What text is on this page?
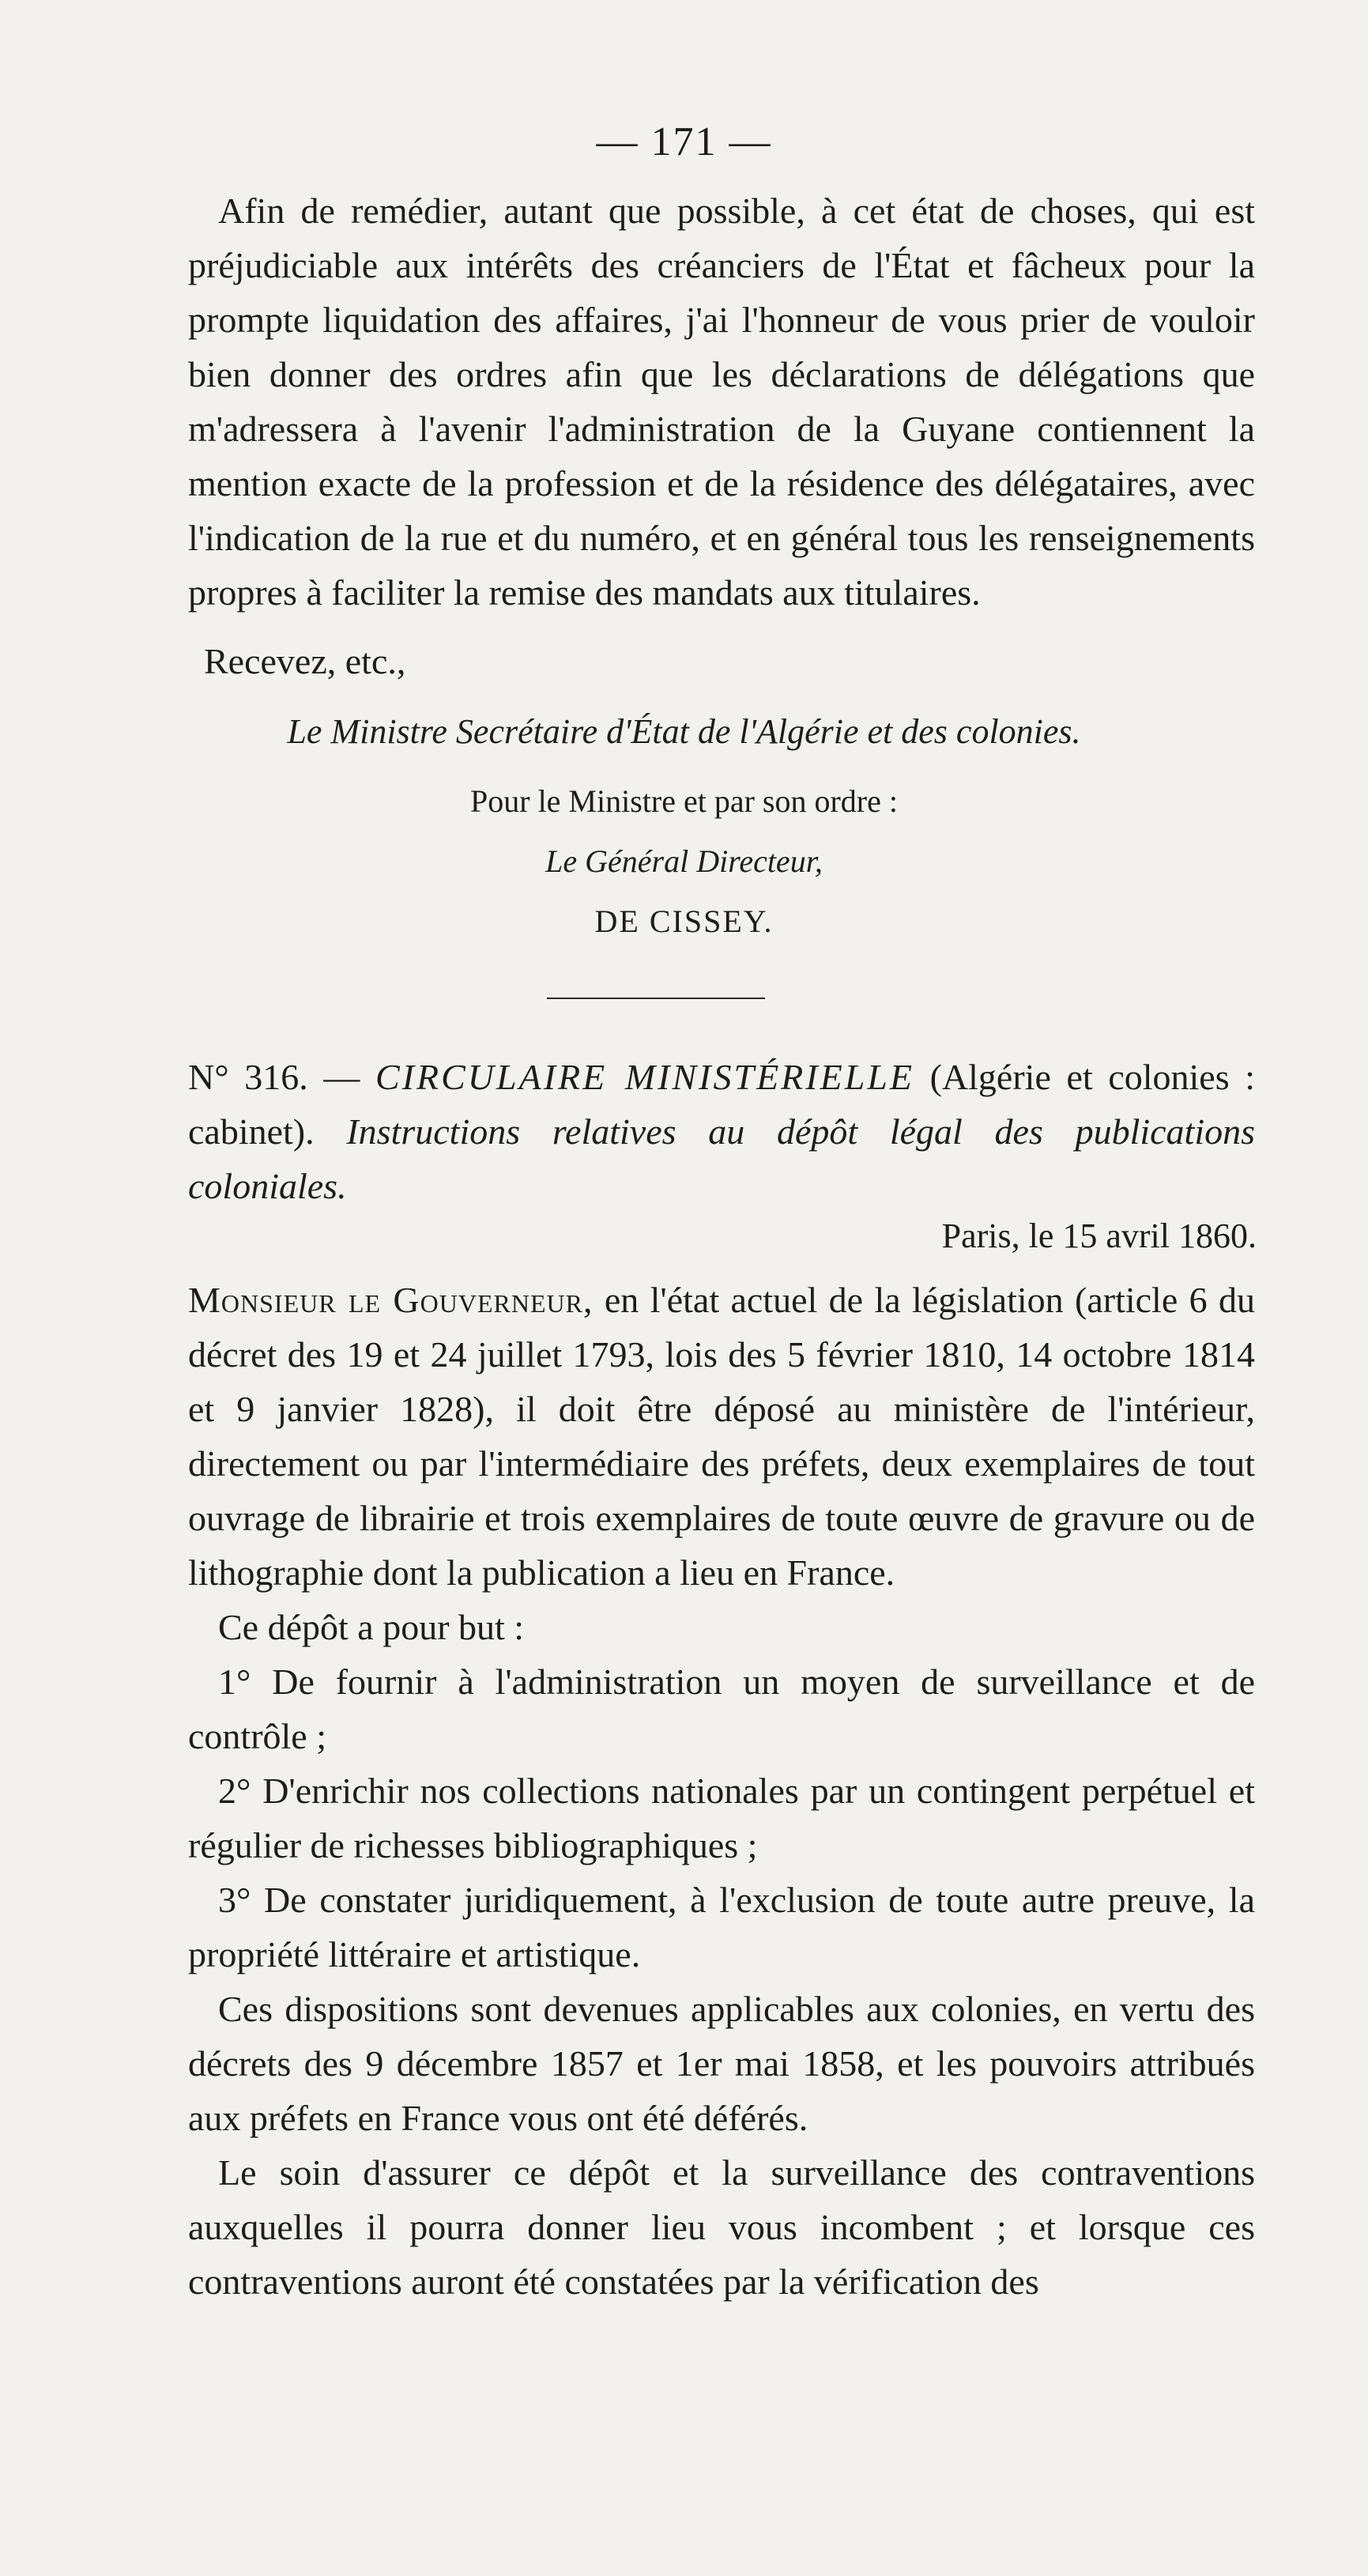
— 171 —

Afin de remédier, autant que possible, à cet état de choses, qui est préjudiciable aux intérêts des créanciers de l'État et fâcheux pour la prompte liquidation des affaires, j'ai l'honneur de vous prier de vouloir bien donner des ordres afin que les déclarations de délégations que m'adressera à l'avenir l'administration de la Guyane contiennent la mention exacte de la profession et de la résidence des délégataires, avec l'indication de la rue et du numéro, et en général tous les renseignements propres à faciliter la remise des mandats aux titulaires.

Recevez, etc.,
Le Ministre Secrétaire d'État de l'Algérie et des colonies.
Pour le Ministre et par son ordre :
Le Général Directeur,
DE CISSEY.

N° 316. — CIRCULAIRE MINISTÉRIELLE (Algérie et colonies : cabinet). Instructions relatives au dépôt légal des publications coloniales.

Paris, le 15 avril 1860.

Monsieur le Gouverneur, en l'état actuel de la législation (article 6 du décret des 19 et 24 juillet 1793, lois des 5 février 1810, 14 octobre 1814 et 9 janvier 1828), il doit être déposé au ministère de l'intérieur, directement ou par l'intermédiaire des préfets, deux exemplaires de tout ouvrage de librairie et trois exemplaires de toute œuvre de gravure ou de lithographie dont la publication a lieu en France.

Ce dépôt a pour but :

1° De fournir à l'administration un moyen de surveillance et de contrôle ;

2° D'enrichir nos collections nationales par un contingent perpétuel et régulier de richesses bibliographiques ;

3° De constater juridiquement, à l'exclusion de toute autre preuve, la propriété littéraire et artistique.

Ces dispositions sont devenues applicables aux colonies, en vertu des décrets des 9 décembre 1857 et 1er mai 1858, et les pouvoirs attribués aux préfets en France vous ont été déférés.

Le soin d'assurer ce dépôt et la surveillance des contraventions auxquelles il pourra donner lieu vous incombent ; et lorsque ces contraventions auront été constatées par la vérification des
